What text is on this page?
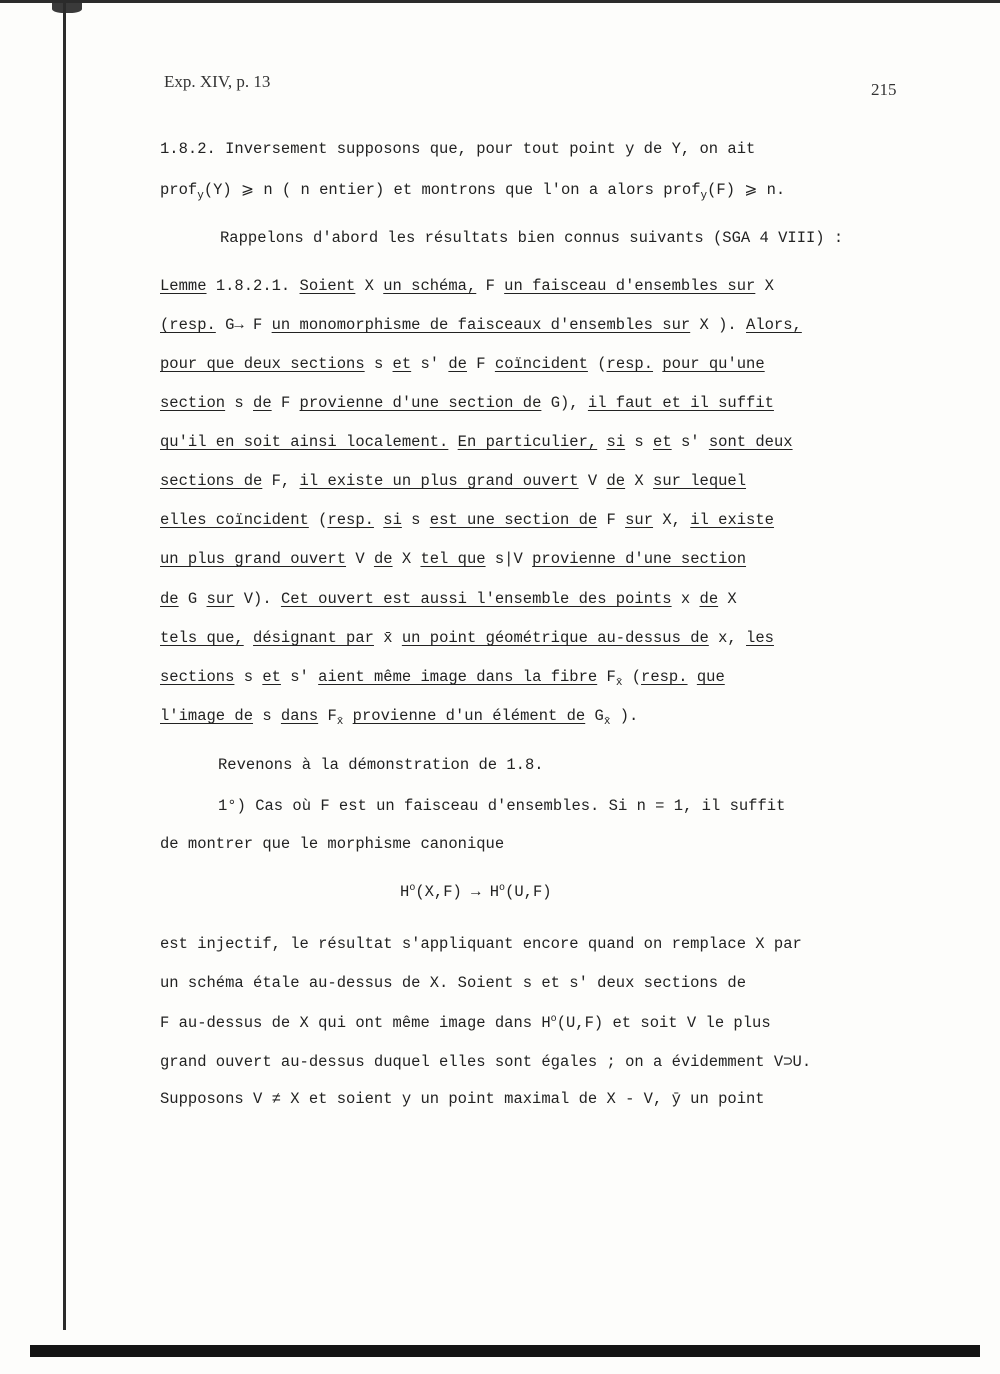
Exp. XIV, p. 13	215
1.8.2. Inversement supposons que, pour tout point y de Y, on ait
prof$_y$(Y) ⩾ n ( n entier) et montrons que l'on a alors prof$_y$(F) ⩾ n.
Rappelons d'abord les résultats bien connus suivants (SGA 4 VIII) :
Lemme 1.8.2.1. Soient X un schéma, F un faisceau d'ensembles sur X
(resp. G→ F un monomorphisme de faisceaux d'ensembles sur X ). Alors,
pour que deux sections s et s' de F coïncident (resp. pour qu'une
section s de F provienne d'une section de G), il faut et il suffit
qu'il en soit ainsi localement. En particulier, si s et s' sont deux
sections de F, il existe un plus grand ouvert V de X sur lequel
elles coïncident (resp. si s est une section de F sur X, il existe
un plus grand ouvert V de X tel que s|V provienne d'une section
de G sur V). Cet ouvert est aussi l'ensemble des points x de X
tels que, désignant par x̄ un point géométrique au-dessus de x, les
sections s et s' aient même image dans la fibre $F_{x̄}$ (resp. que
l'image de s dans $F_{x̄}$ provienne d'un élément de $G_{x̄}$ ).
Revenons à la démonstration de 1.8.
1°) Cas où F est un faisceau d'ensembles. Si n = 1, il suffit
de montrer que le morphisme canonique
$H^o(X,F) \to H^o(U,F)$
est injectif, le résultat s'appliquant encore quand on remplace X par
un schéma étale au-dessus de X. Soient s et s' deux sections de
F au-dessus de X qui ont même image dans $H^o(U,F)$ et soit V le plus
grand ouvert au-dessus duquel elles sont égales ; on a évidemment V⊃U.
Supposons V ≠ X et soient y un point maximal de X - V, ȳ un point
